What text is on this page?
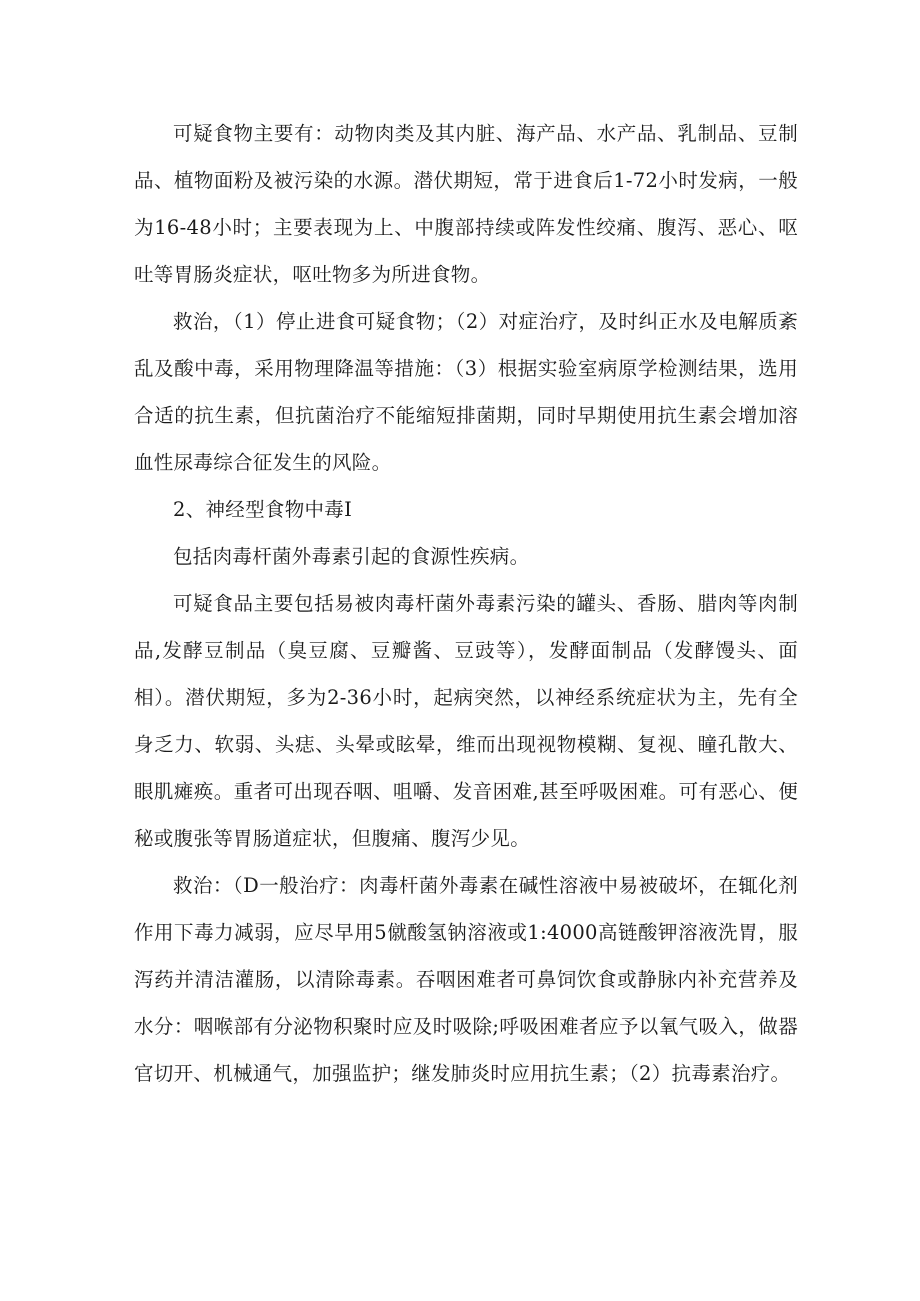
可疑食物主要有：动物肉类及其内脏、海产品、水产品、乳制品、豆制品、植物面粉及被污染的水源。潜伏期短，常于进食后1-72小时发病，一般为16-48小时；主要表现为上、中腹部持续或阵发性绞痛、腹泻、恶心、呕吐等胃肠炎症状，呕吐物多为所进食物。

救治，（1）停止进食可疑食物；（2）对症治疗，及时纠正水及电解质紊乱及酸中毒，采用物理降温等措施：（3）根据实验室病原学检测结果，选用合适的抗生素，但抗菌治疗不能缩短排菌期，同时早期使用抗生素会增加溶血性尿毒综合征发生的风险。

2、神经型食物中毒I

包括肉毒杆菌外毒素引起的食源性疾病。

可疑食品主要包括易被肉毒杆菌外毒素污染的罐头、香肠、腊肉等肉制品,发酵豆制品（臭豆腐、豆瓣酱、豆豉等），发酵面制品（发酵馒头、面相）。潜伏期短，多为2-36小时，起病突然，以神经系统症状为主，先有全身乏力、软弱、头痣、头晕或眩晕，维而出现视物模糊、复视、瞳孔散大、眼肌瘫痪。重者可出现吞咽、咀嚼、发音困难,甚至呼吸困难。可有恶心、便秘或腹张等胃肠道症状，但腹痛、腹泻少见。

救治：（D一般治疗：肉毒杆菌外毒素在碱性溶液中易被破坏，在辄化剂作用下毒力减弱，应尽早用5僦酸氢钠溶液或1:4000高链酸钾溶液洗胃，服泻药并清洁灌肠，以清除毒素。吞咽困难者可鼻饲饮食或静脉内补充营养及水分：咽喉部有分泌物积聚时应及时吸除;呼吸困难者应予以氧气吸入，做器官切开、机械通气，加强监护；继发肺炎时应用抗生素；（2）抗毒素治疗。
